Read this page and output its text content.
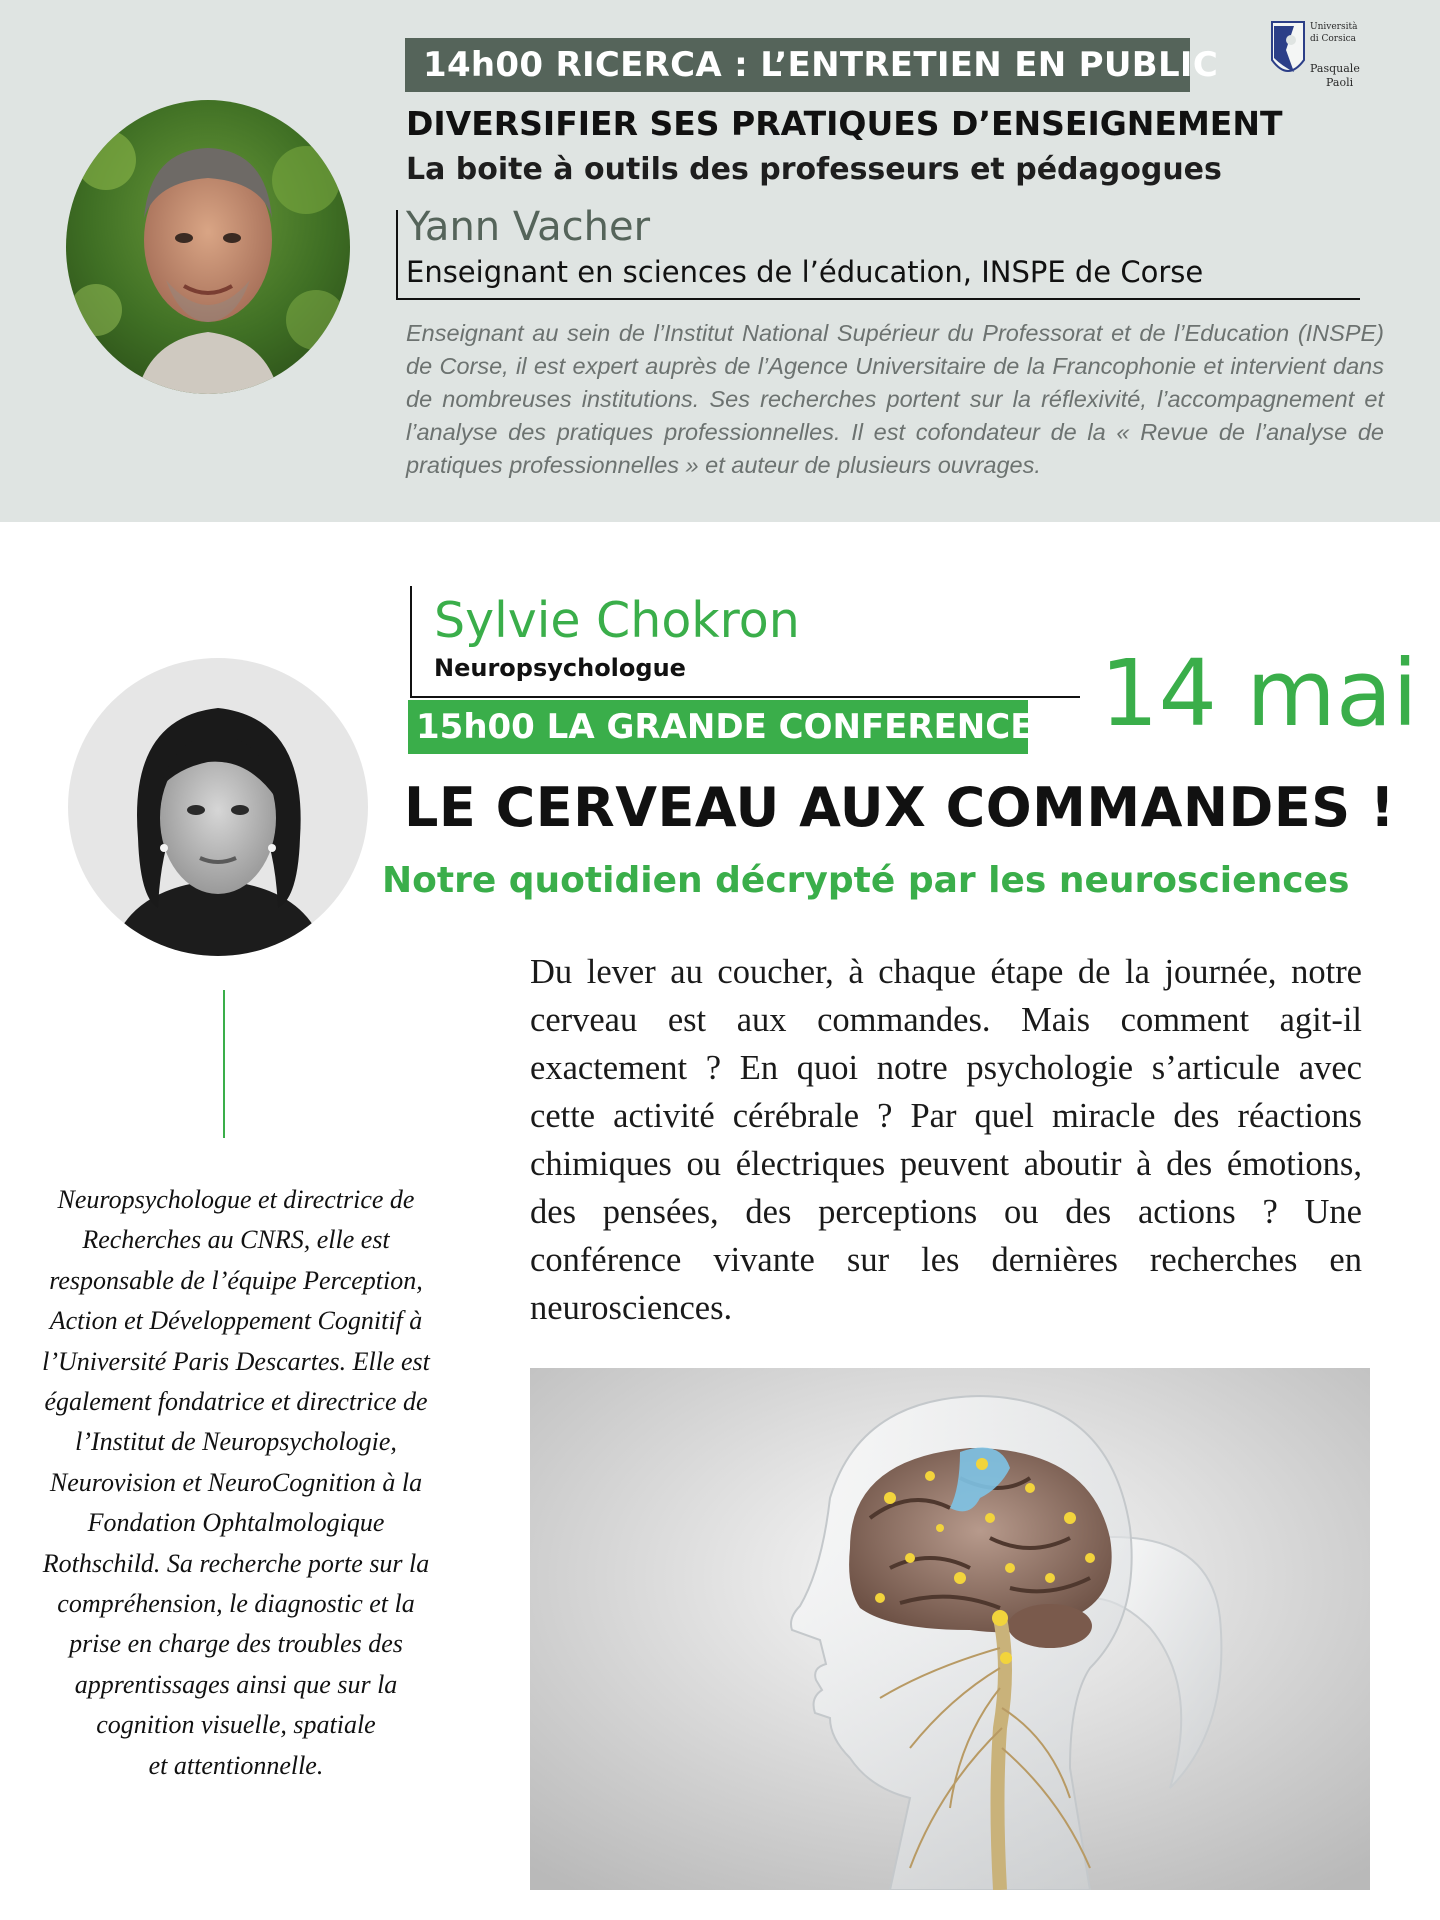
14h00 RICERCA : L’ENTRETIEN EN PUBLIC
Università
di Corsica
Pasquale
Paoli
DIVERSIFIER SES PRATIQUES D’ENSEIGNEMENT
La boite à outils des professeurs et pédagogues
Yann Vacher
Enseignant en sciences de l’éducation, INSPE de Corse
Enseignant au sein de l’Institut National Supérieur du Professorat et de l’Education (INSPE) de Corse, il est expert auprès de l’Agence Universitaire de la Francophonie et intervient dans de nombreuses institutions. Ses recherches portent sur la réflexivité, l’accompagnement et l’analyse des pratiques professionnelles. Il est cofondateur de la « Revue de l’analyse de pratiques professionnelles » et auteur de plusieurs ouvrages.
Sylvie Chokron
Neuropsychologue	14 mai
15h00 LA GRANDE CONFERENCE
LE CERVEAU AUX COMMANDES !
Notre quotidien décrypté par les neurosciences
Du lever au coucher, à chaque étape de la journée, notre cerveau est aux commandes. Mais comment agit-il exactement ? En quoi notre psychologie s’articule avec cette activité cérébrale ? Par quel miracle des réactions chimiques ou électriques peuvent aboutir à des émotions, des pensées, des perceptions ou des actions ? Une conférence vivante sur les dernières recherches en neurosciences.
Neuropsychologue et directrice de
Recherches au CNRS, elle est
responsable de l’équipe Perception,
Action et Développement Cognitif à
l’Université Paris Descartes. Elle est
également fondatrice et directrice de
l’Institut de Neuropsychologie,
Neurovision et NeuroCognition à la
Fondation Ophtalmologique
Rothschild. Sa recherche porte sur la
compréhension, le diagnostic et la
prise en charge des troubles des
apprentissages ainsi que sur la
cognition visuelle, spatiale
et attentionnelle.
